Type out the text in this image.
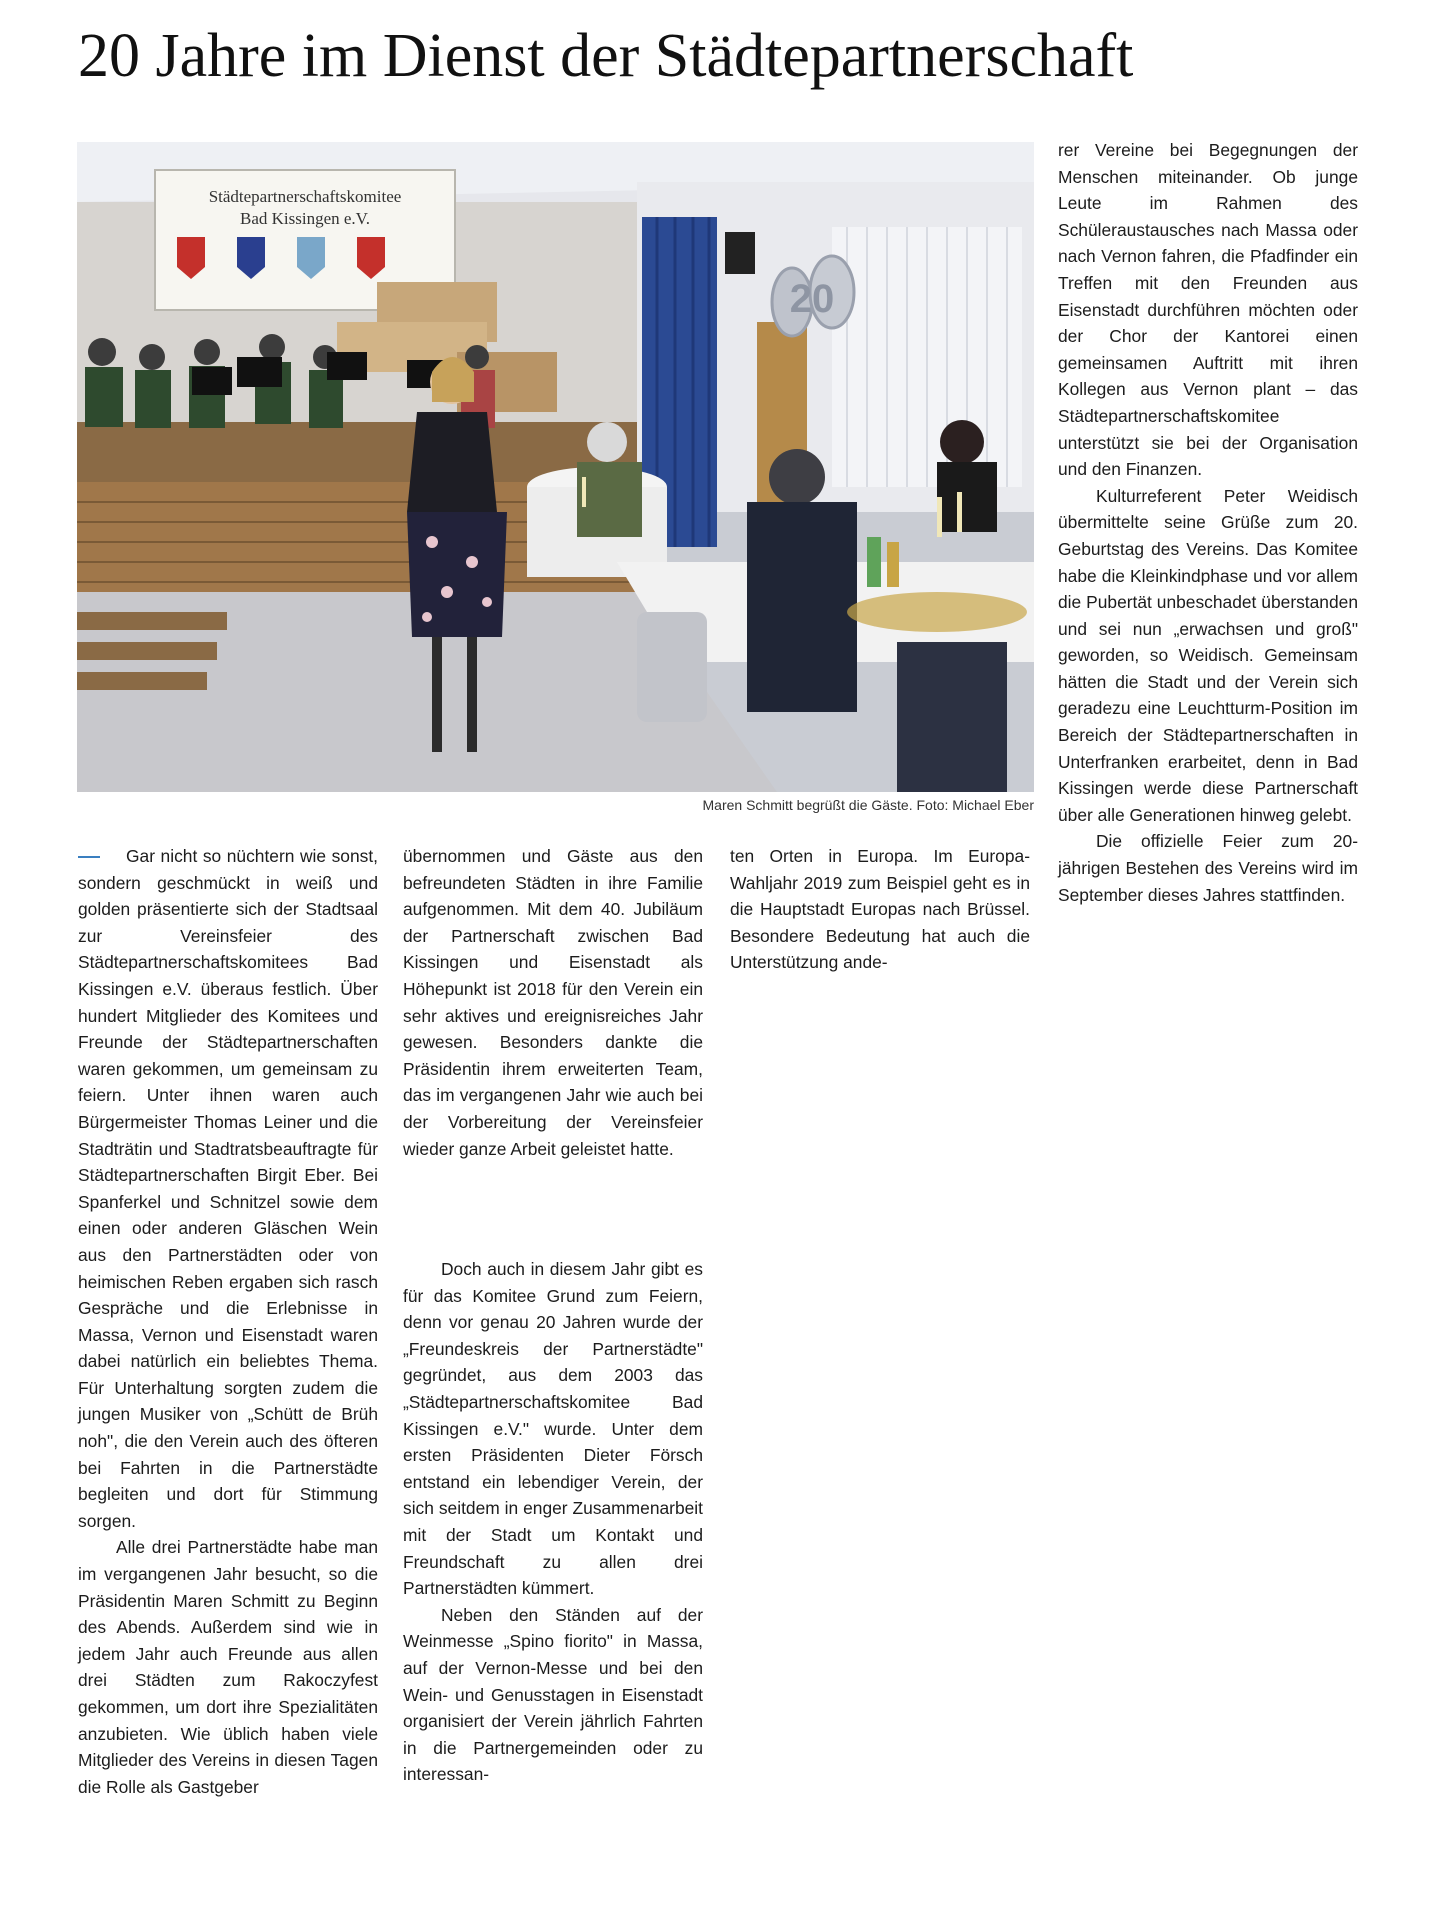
20 Jahre im Dienst der Städtepartnerschaft
20
Städtepartnerschaftskomitee
Bad Kissingen e.V.
Maren Schmitt begrüßt die Gäste. Foto: Michael Eber

Gar nicht so nüchtern wie sonst, sondern geschmückt in weiß und golden präsentierte sich der Stadtsaal zur Vereinsfeier des Städtepartnerschaftskomitees Bad Kissingen e.V. überaus festlich. Über hundert Mitglieder des Komitees und Freunde der Städtepartnerschaften waren gekommen, um gemeinsam zu feiern. Unter ihnen waren auch Bürgermeister Thomas Leiner und die Stadträtin und Stadtratsbeauftragte für Städtepartnerschaften Birgit Eber. Bei Spanferkel und Schnitzel sowie dem einen oder anderen Gläschen Wein aus den Partnerstädten oder von heimischen Reben ergaben sich rasch Gespräche und die Erlebnisse in Massa, Vernon und Eisenstadt waren dabei natürlich ein beliebtes Thema. Für Unterhaltung sorgten zudem die jungen Musiker von „Schütt de Brüh noh", die den Verein auch des öfteren bei Fahrten in die Partnerstädte begleiten und dort für Stimmung sorgen.

Alle drei Partnerstädte habe man im vergangenen Jahr besucht, so die Präsidentin Maren Schmitt zu Beginn des Abends. Außerdem sind wie in jedem Jahr auch Freunde aus allen drei Städten zum Rakoczyfest gekommen, um dort ihre Spezialitäten anzubieten. Wie üblich haben viele Mitglieder des Vereins in diesen Tagen die Rolle als Gastgeber

übernommen und Gäste aus den befreundeten Städten in ihre Familie aufgenommen. Mit dem 40. Jubiläum der Partnerschaft zwischen Bad Kissingen und Eisenstadt als Höhepunkt ist 2018 für den Verein ein sehr aktives und ereignisreiches Jahr gewesen. Besonders dankte die Präsidentin ihrem erweiterten Team, das im vergangenen Jahr wie auch bei der Vorbereitung der Vereinsfeier wieder ganze Arbeit geleistet hatte.

Doch auch in diesem Jahr gibt es für das Komitee Grund zum Feiern, denn vor genau 20 Jahren wurde der „Freundeskreis der Partnerstädte" gegründet, aus dem 2003 das „Städtepartnerschaftskomitee Bad Kissingen e.V." wurde. Unter dem ersten Präsidenten Dieter Försch entstand ein lebendiger Verein, der sich seitdem in enger Zusammenarbeit mit der Stadt um Kontakt und Freundschaft zu allen drei Partnerstädten kümmert.

Neben den Ständen auf der Weinmesse „Spino fiorito" in Massa, auf der Vernon-Messe und bei den Wein- und Genusstagen in Eisenstadt organisiert der Verein jährlich Fahrten in die Partnergemeinden oder zu interessan-

ten Orten in Europa. Im Europa-Wahljahr 2019 zum Beispiel geht es in die Hauptstadt Europas nach Brüssel. Besondere Bedeutung hat auch die Unterstützung ande-

rer Vereine bei Begegnungen der Menschen miteinander. Ob junge Leute im Rahmen des Schüleraustausches nach Massa oder nach Vernon fahren, die Pfadfinder ein Treffen mit den Freunden aus Eisenstadt durchführen möchten oder der Chor der Kantorei einen gemeinsamen Auftritt mit ihren Kollegen aus Vernon plant – das Städtepartnerschaftskomitee unterstützt sie bei der Organisation und den Finanzen.

Kulturreferent Peter Weidisch übermittelte seine Grüße zum 20. Geburtstag des Vereins. Das Komitee habe die Kleinkindphase und vor allem die Pubertät unbeschadet überstanden und sei nun „erwachsen und groß" geworden, so Weidisch. Gemeinsam hätten die Stadt und der Verein sich geradezu eine Leuchtturm-Position im Bereich der Städtepartnerschaften in Unterfranken erarbeitet, denn in Bad Kissingen werde diese Partnerschaft über alle Generationen hinweg gelebt.

Die offizielle Feier zum 20-jährigen Bestehen des Vereins wird im September dieses Jahres stattfinden.
